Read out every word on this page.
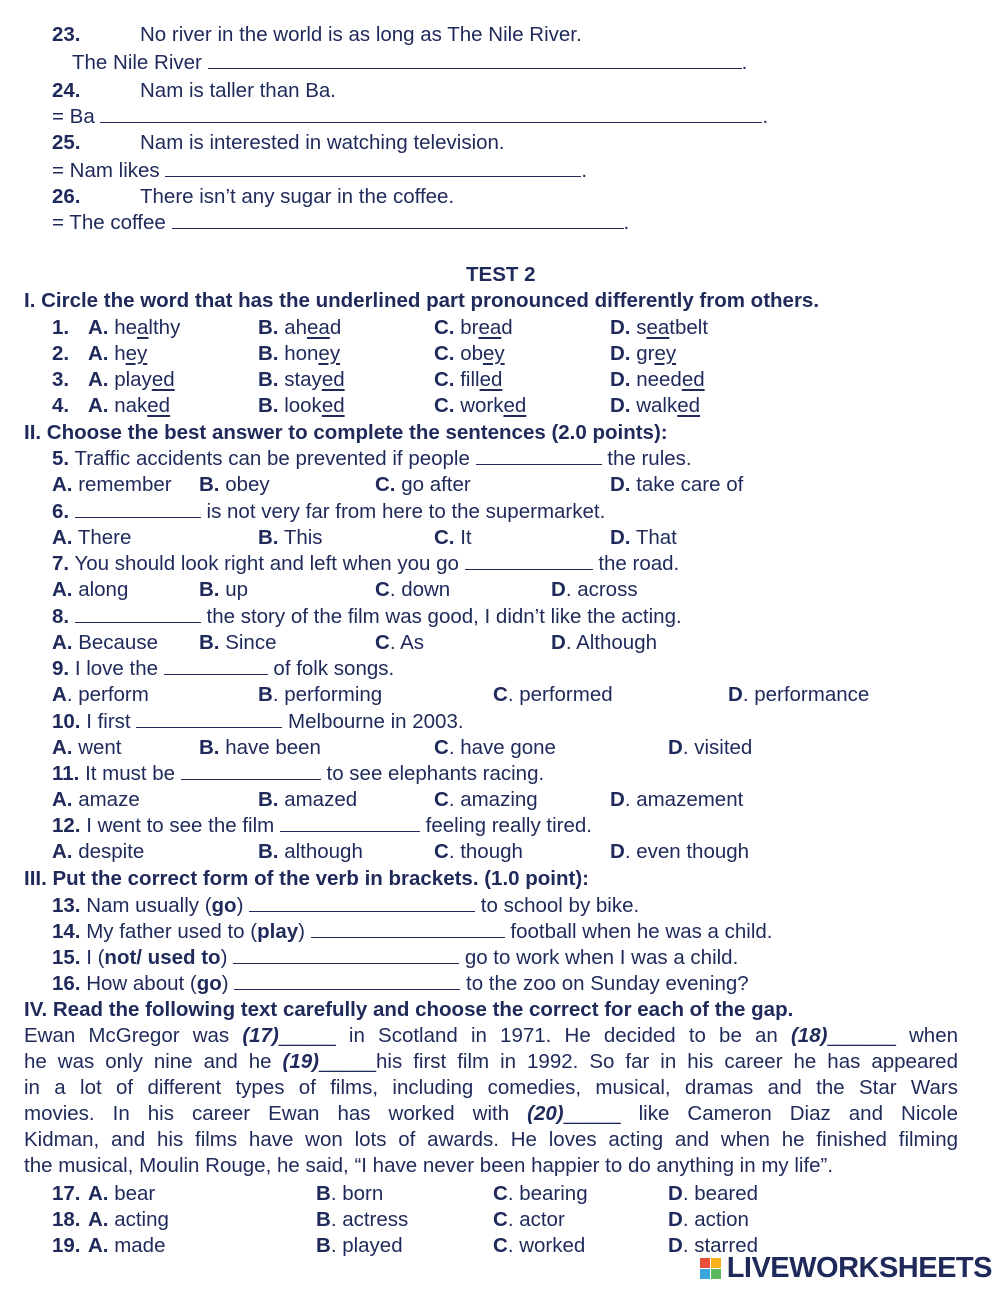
23.	No river in the world is as long as The Nile River.
The Nile River	.
24.	Nam is taller than Ba.
= Ba	.
25.	Nam is interested in watching television.
= Nam likes	.
26.	There isn’t any sugar in the coffee.
= The coffee	.
TEST 2
I. Circle the word that has the underlined part pronounced differently from others.
1. A. healthy	B. ahead	C. bread	D. seatbelt
2. A. hey	B. honey	C. obey	D. grey
3. A. played	B. stayed	C. filled	D. needed
4. A. naked	B. looked	C. worked	D. walked
II. Choose the best answer to complete the sentences (2.0 points):
5. Traffic accidents can be prevented if people	the rules.
A. remember B. obey	C. go after	D. take care of
6.	is not very far from here to the supermarket.
A. There	B. This	C. It	D. That
7. You should look right and left when you go	the road.
A. along	B. up	C. down	D. across
8.	the story of the film was good, I didn’t like the acting.
A. Because B. Since	C. As	D. Although
9. I love the	of folk songs.
A. perform	B. performing	C. performed	D. performance
10. I first	Melbourne in 2003.
A. went	B. have been	C. have gone	D. visited
11. It must be	to see elephants racing.
A. amaze	B. amazed	C. amazing	D. amazement
12. I went to see the film	feeling really tired.
A. despite	B. although	C. though	D. even though
III. Put the correct form of the verb in brackets. (1.0 point):
13. Nam usually (go)	to school by bike.
14. My father used to (play)	football when he was a child.
15. I (not/ used to)	go to work when I was a child.
16. How about (go)	to the zoo on Sunday evening?
IV. Read the following text carefully and choose the correct for each of the gap.
Ewan McGregor was (17)_____ in Scotland in 1971. He decided to be an (18)______ when
he was only nine and he (19)_____his first film in 1992. So far in his career he has appeared
in a lot of different types of films, including comedies, musical, dramas and the Star Wars
movies. In his career Ewan has worked with (20)_____ like Cameron Diaz and Nicole
Kidman, and his films have won lots of awards. He loves acting and when he finished filming
the musical, Moulin Rouge, he said, “I have never been happier to do anything in my life”.
17. A. bear	B. born	C. bearing	D. beared
18. A. acting	B. actress	C. actor	D. action
19. A. made	B. played	C. worked	D. starred
LIVEWORKSHEETS
